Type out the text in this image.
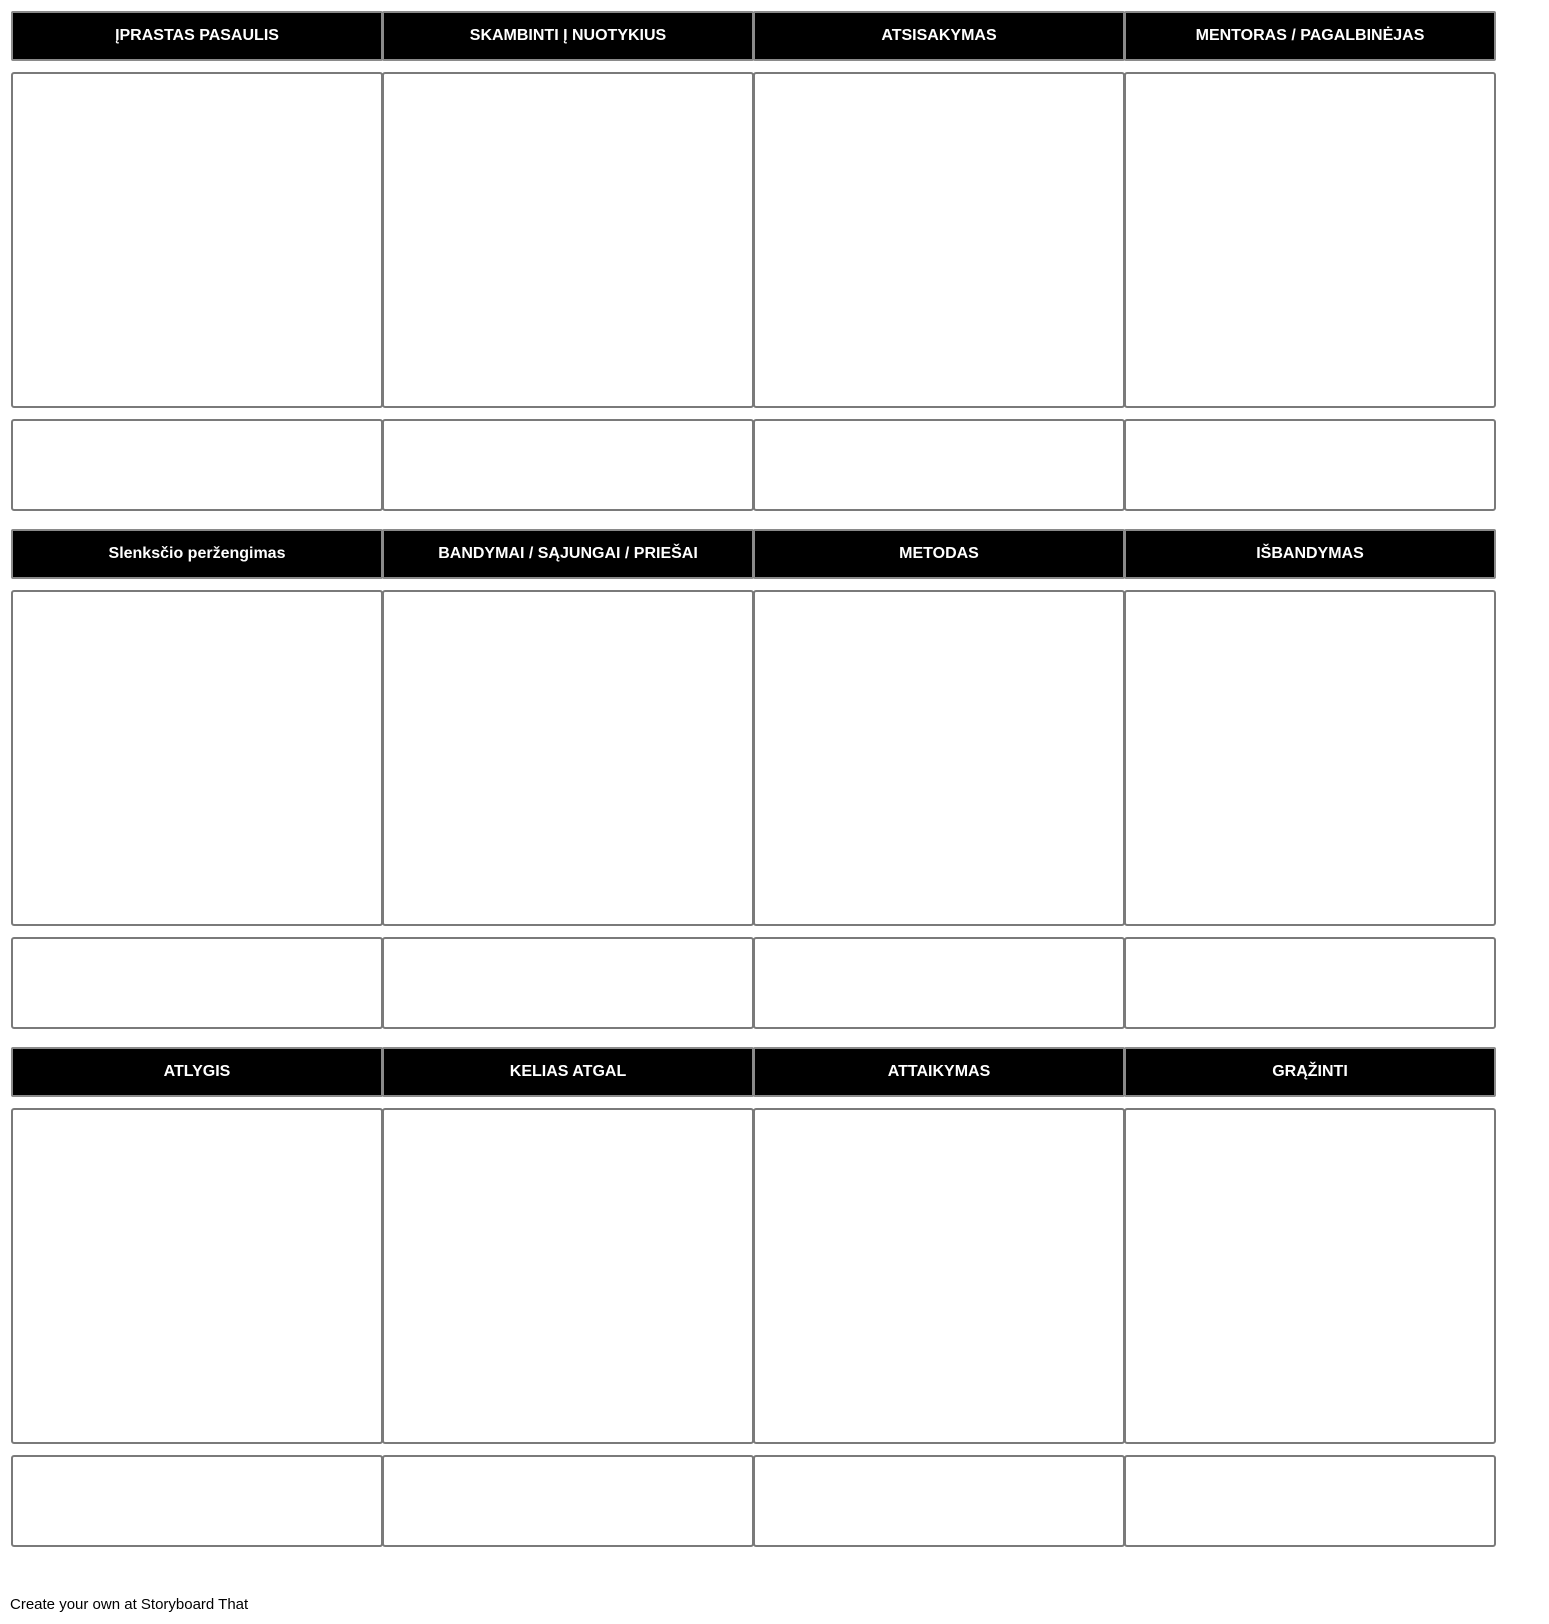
ĮPRASTAS PASAULIS	SKAMBINTI Į NUOTYKIUS	ATSISAKYMAS	MENTORAS / PAGALBINĖJAS
Slenksčio peržengimas	BANDYMAI / SĄJUNGAI / PRIEŠAI	METODAS	IŠBANDYMAS
ATLYGIS	KELIAS ATGAL	ATTAIKYMAS	GRĄŽINTI
Create your own at Storyboard That
